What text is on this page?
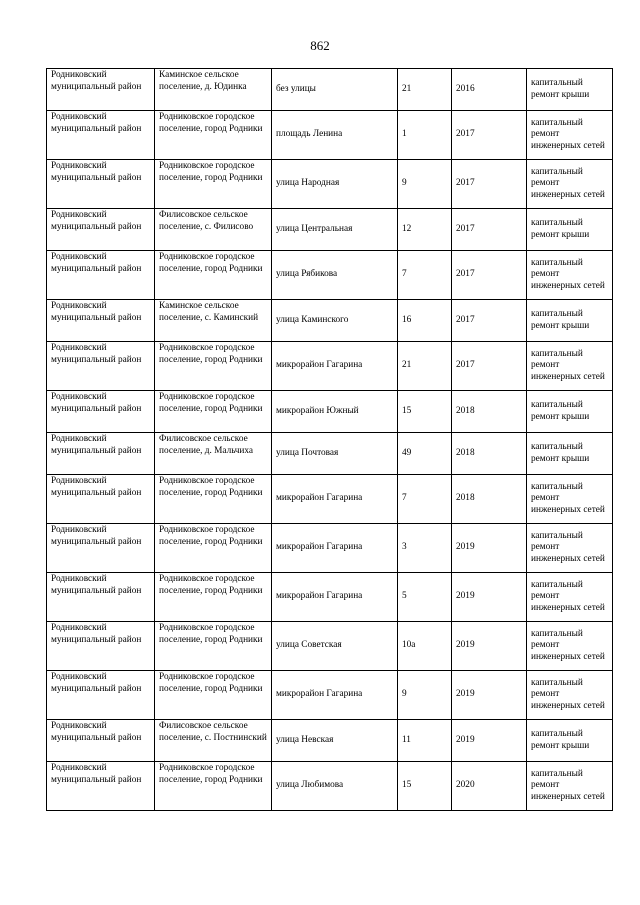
862
Родниковский муниципальный район	Каминское сельское поселение, д. Юдинка	без улицы	21	2016	капитальный ремонт крыши
Родниковский муниципальный район	Родниковское городское поселение, город Родники	площадь Ленина	1	2017	капитальный ремонт инженерных сетей
Родниковский муниципальный район	Родниковское городское поселение, город Родники	улица Народная	9	2017	капитальный ремонт инженерных сетей
Родниковский муниципальный район	Филисовское сельское поселение, с. Филисово	улица Центральная	12	2017	капитальный ремонт крыши
Родниковский муниципальный район	Родниковское городское поселение, город Родники	улица Рябикова	7	2017	капитальный ремонт инженерных сетей
Родниковский муниципальный район	Каминское сельское поселение, с. Каминский	улица Каминского	16	2017	капитальный ремонт крыши
Родниковский муниципальный район	Родниковское городское поселение, город Родники	микрорайон Гагарина	21	2017	капитальный ремонт инженерных сетей
Родниковский муниципальный район	Родниковское городское поселение, город Родники	микрорайон Южный	15	2018	капитальный ремонт крыши
Родниковский муниципальный район	Филисовское сельское поселение, д. Мальчиха	улица Почтовая	49	2018	капитальный ремонт крыши
Родниковский муниципальный район	Родниковское городское поселение, город Родники	микрорайон Гагарина	7	2018	капитальный ремонт инженерных сетей
Родниковский муниципальный район	Родниковское городское поселение, город Родники	микрорайон Гагарина	3	2019	капитальный ремонт инженерных сетей
Родниковский муниципальный район	Родниковское городское поселение, город Родники	микрорайон Гагарина	5	2019	капитальный ремонт инженерных сетей
Родниковский муниципальный район	Родниковское городское поселение, город Родники	улица Советская	10а	2019	капитальный ремонт инженерных сетей
Родниковский муниципальный район	Родниковское городское поселение, город Родники	микрорайон Гагарина	9	2019	капитальный ремонт инженерных сетей
Родниковский муниципальный район	Филисовское сельское поселение, с. Постнинский	улица Невская	11	2019	капитальный ремонт крыши
Родниковский муниципальный район	Родниковское городское поселение, город Родники	улица Любимова	15	2020	капитальный ремонт инженерных сетей
